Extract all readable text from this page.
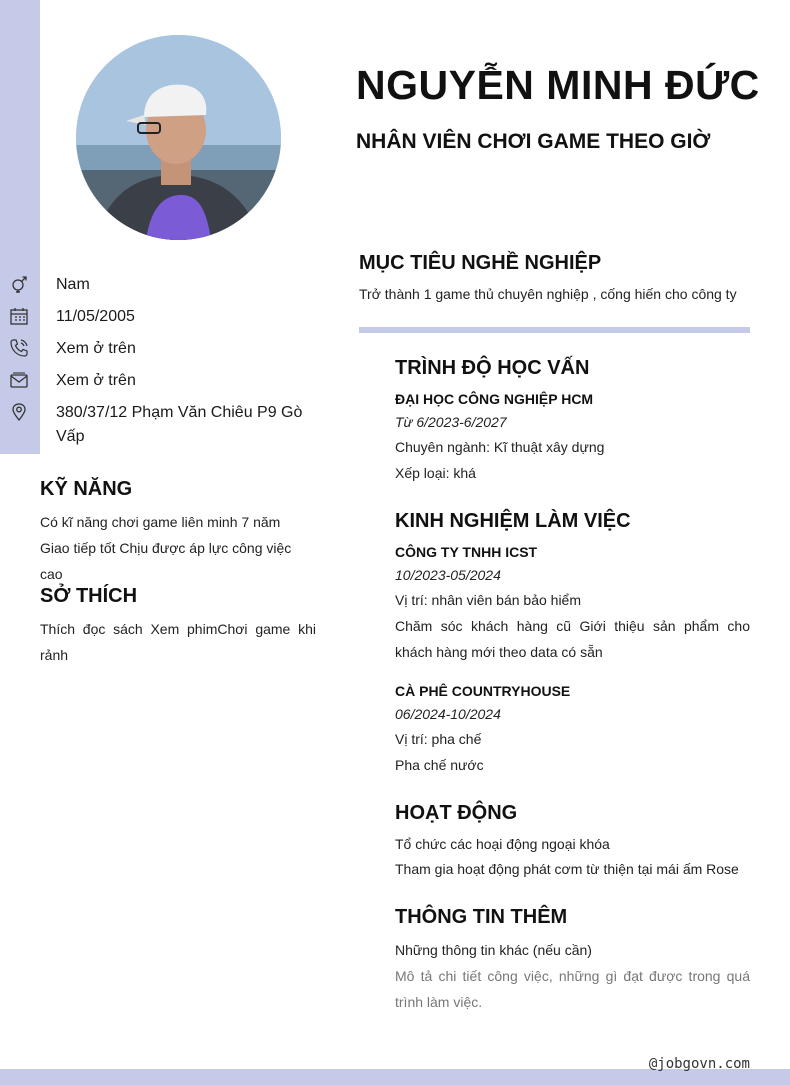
NGUYỄN MINH ĐỨC
NHÂN VIÊN CHƠI GAME THEO GIỜ
Nam
11/05/2005
Xem ở trên
Xem ở trên
380/37/12 Phạm Văn Chiêu P9 Gò Vấp
KỸ NĂNG

Có kĩ năng chơi game liên minh 7 năm Giao tiếp tốt Chịu được áp lực công việc cao

SỞ THÍCH

Thích đọc sách Xem phimChơi game khi rảnh

MỤC TIÊU NGHỀ NGHIỆP

Trở thành 1 game thủ chuyên nghiệp , cống hiến cho công ty

TRÌNH ĐỘ HỌC VẤN

ĐẠI HỌC CÔNG NGHIỆP HCM

Từ 6/2023-6/2027

Chuyên ngành: Kĩ thuật xây dựng

Xếp loại: khá

KINH NGHIỆM LÀM VIỆC

CÔNG TY TNHH ICST

10/2023-05/2024

Vị trí: nhân viên bán bảo hiểm

Chăm sóc khách hàng cũ Giới thiệu sản phẩm cho khách hàng mới theo data có sẵn

CÀ PHÊ COUNTRYHOUSE

06/2024-10/2024

Vị trí: pha chế

Pha chế nước

HOẠT ĐỘNG

Tổ chức các hoại động ngoại khóa

Tham gia hoạt động phát cơm từ thiện tại mái ấm Rose

THÔNG TIN THÊM

Những thông tin khác (nếu cần)

Mô tả chi tiết công việc, những gì đạt được trong quá trình làm việc.

@jobgovn.com
